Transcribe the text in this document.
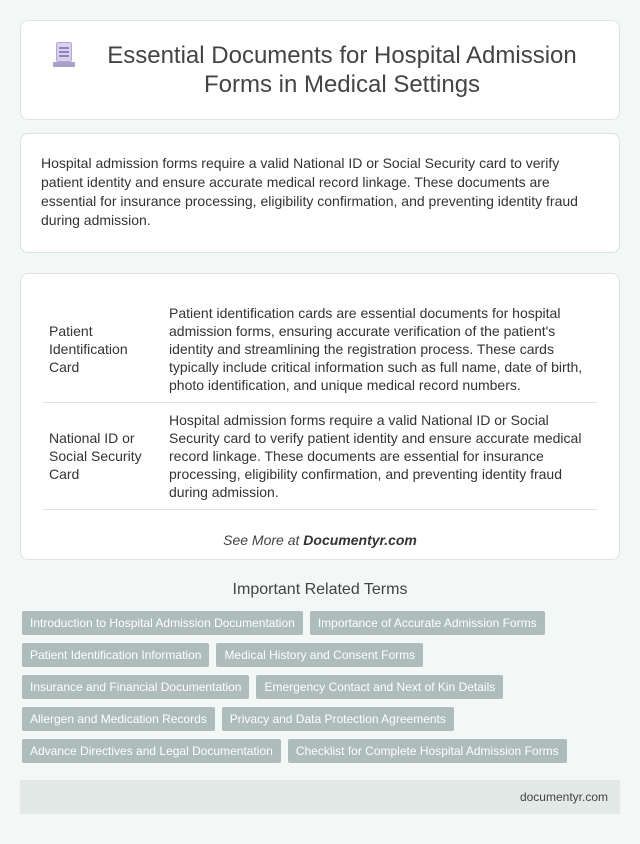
Essential Documents for Hospital Admission Forms in Medical Settings

Hospital admission forms require a valid National ID or Social Security card to verify patient identity and ensure accurate medical record linkage. These documents are essential for insurance processing, eligibility confirmation, and preventing identity fraud during admission.

Patient Identification Card	Patient identification cards are essential documents for hospital admission forms, ensuring accurate verification of the patient's identity and streamlining the registration process. These cards typically include critical information such as full name, date of birth, photo identification, and unique medical record numbers.
National ID or Social Security Card	Hospital admission forms require a valid National ID or Social Security card to verify patient identity and ensure accurate medical record linkage. These documents are essential for insurance processing, eligibility confirmation, and preventing identity fraud during admission.

See More at Documentyr.com

Important Related Terms
Introduction to Hospital Admission Documentation	Importance of Accurate Admission Forms
Patient Identification Information	Medical History and Consent Forms
Insurance and Financial Documentation	Emergency Contact and Next of Kin Details
Allergen and Medication Records	Privacy and Data Protection Agreements
Advance Directives and Legal Documentation	Checklist for Complete Hospital Admission Forms
documentyr.com
